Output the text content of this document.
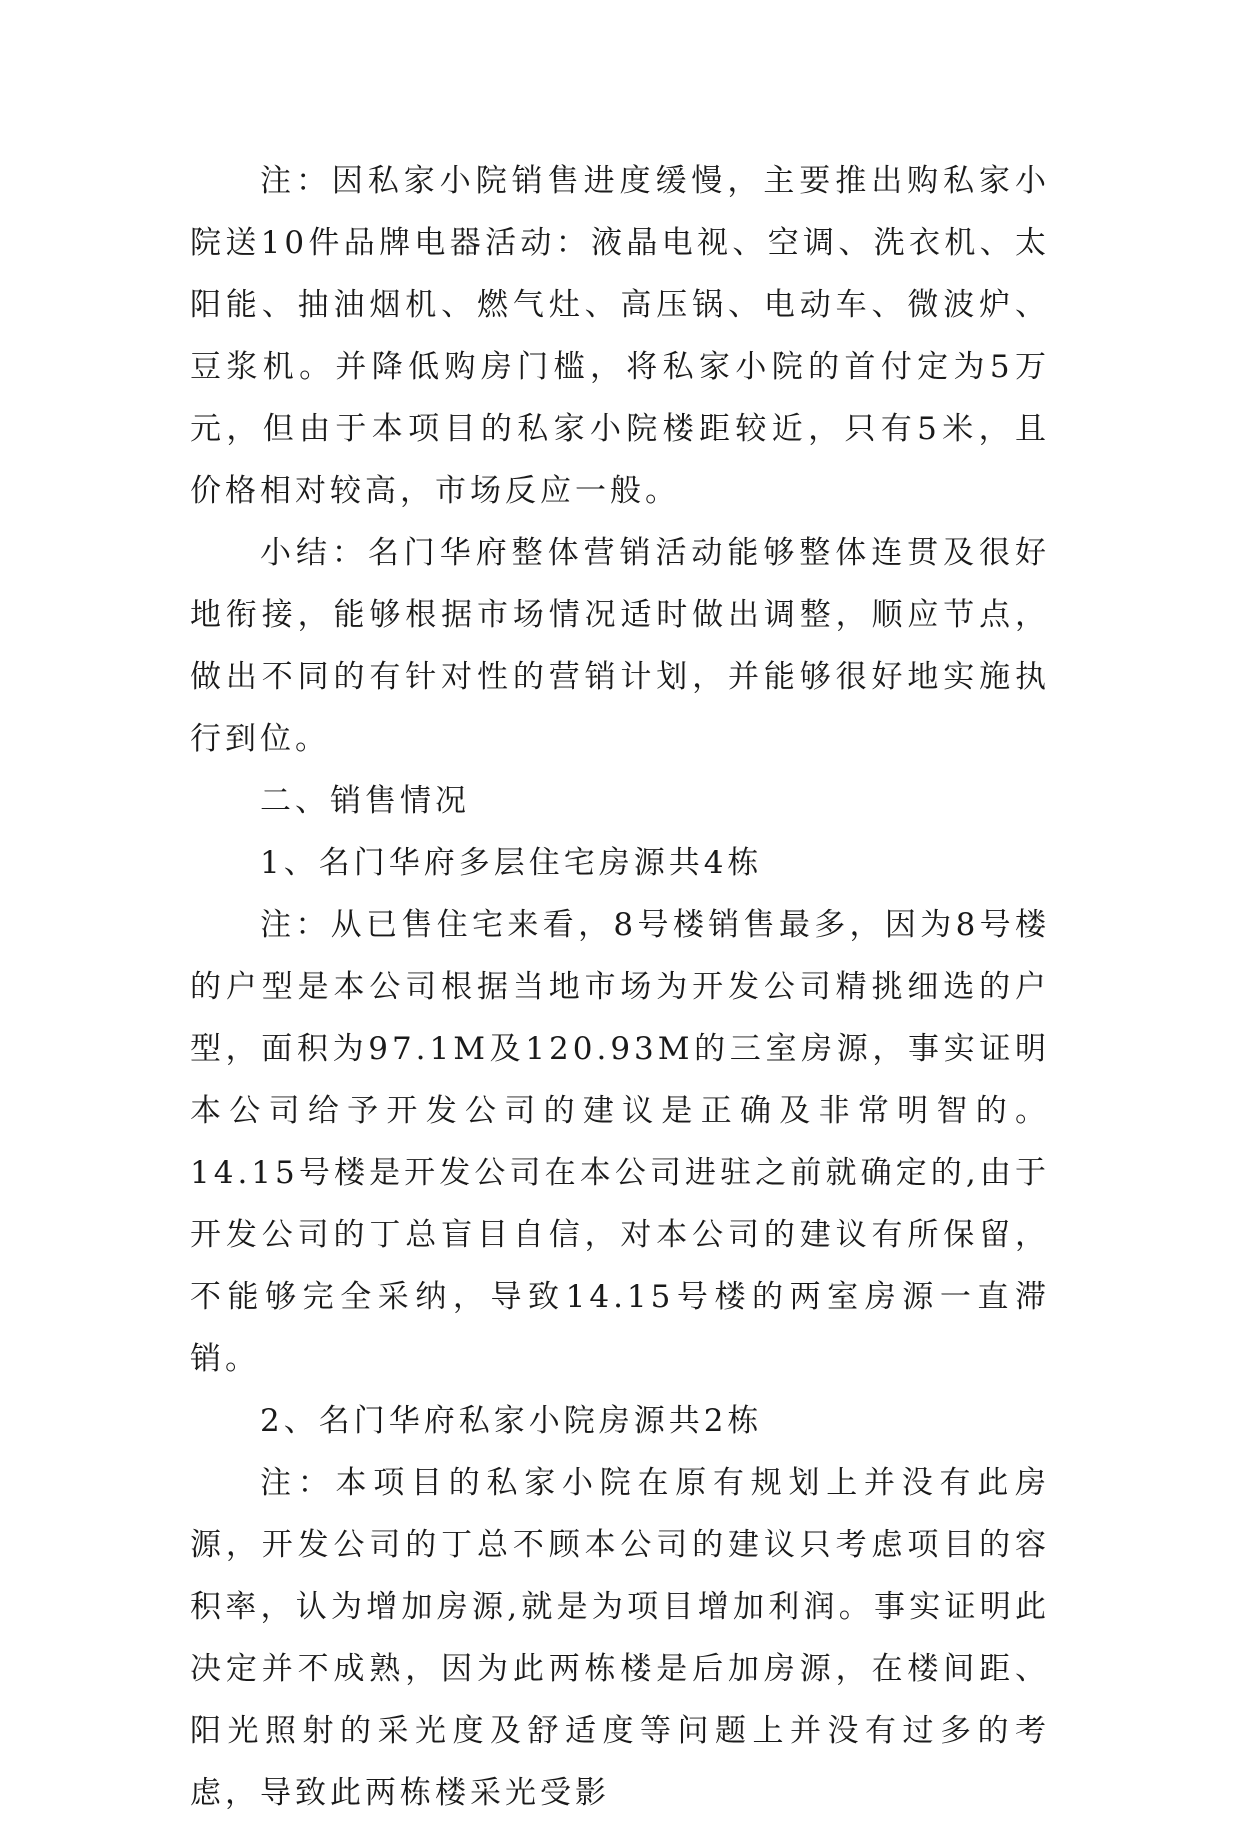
注：因私家小院销售进度缓慢，主要推出购私家小院送10件品牌电器活动：液晶电视、空调、洗衣机、太阳能、抽油烟机、燃气灶、高压锅、电动车、微波炉、豆浆机。并降低购房门槛，将私家小院的首付定为5万元，但由于本项目的私家小院楼距较近，只有5米，且价格相对较高，市场反应一般。

小结：名门华府整体营销活动能够整体连贯及很好地衔接，能够根据市场情况适时做出调整，顺应节点，做出不同的有针对性的营销计划，并能够很好地实施执行到位。

二、销售情况

1、名门华府多层住宅房源共4栋

注：从已售住宅来看，8号楼销售最多，因为8号楼的户型是本公司根据当地市场为开发公司精挑细选的户型，面积为97.1M及120.93M的三室房源，事实证明本公司给予开发公司的建议是正确及非常明智的。14.15号楼是开发公司在本公司进驻之前就确定的,由于开发公司的丁总盲目自信，对本公司的建议有所保留，不能够完全采纳，导致14.15号楼的两室房源一直滞销。

2、名门华府私家小院房源共2栋

注：本项目的私家小院在原有规划上并没有此房源，开发公司的丁总不顾本公司的建议只考虑项目的容积率，认为增加房源,就是为项目增加利润。事实证明此决定并不成熟，因为此两栋楼是后加房源，在楼间距、阳光照射的采光度及舒适度等问题上并没有过多的考虑，导致此两栋楼采光受影
